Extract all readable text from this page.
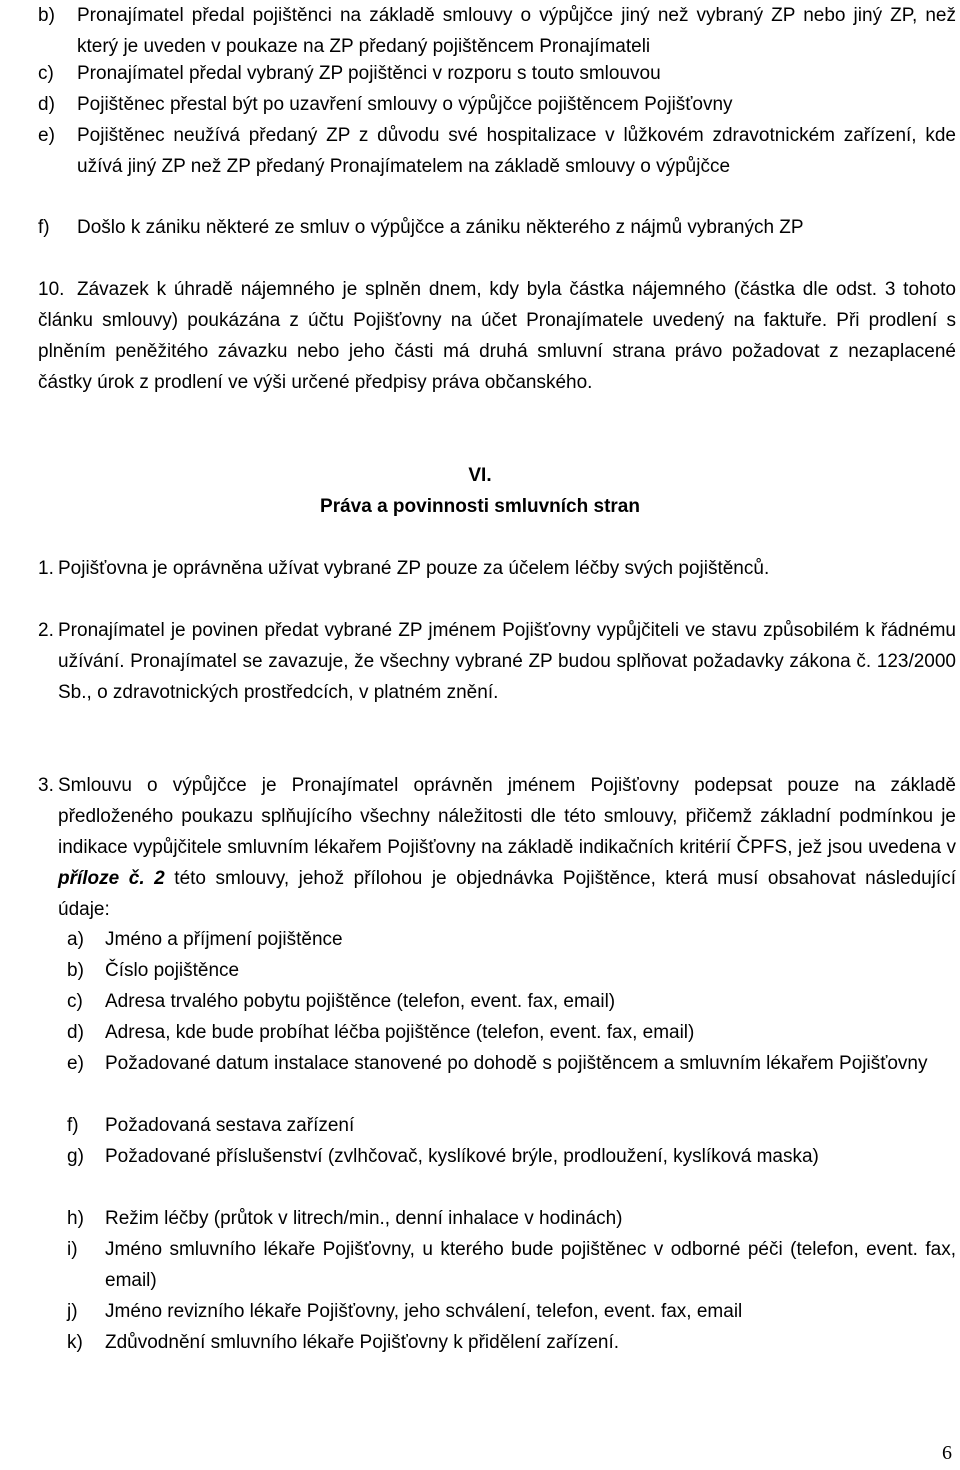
b) Pronajímatel předal pojištěnci na základě smlouvy o výpůjčce jiný než vybraný ZP nebo jiný ZP, než který je uveden v poukaze na ZP předaný pojištěncem Pronajímateli
c) Pronajímatel předal vybraný ZP pojištěnci v rozporu s touto smlouvou
d) Pojištěnec přestal být po uzavření smlouvy o výpůjčce pojištěncem Pojišťovny
e) Pojištěnec neužívá předaný ZP z důvodu své hospitalizace v lůžkovém zdravotnickém zařízení, kde užívá jiný ZP než ZP předaný Pronajímatelem na základě smlouvy o výpůjčce
f) Došlo k zániku některé ze smluv o výpůjčce a zániku některého z nájmů vybraných ZP
10. Závazek k úhradě nájemného je splněn dnem, kdy byla částka nájemného (částka dle odst. 3 tohoto článku smlouvy) poukázána z účtu Pojišťovny na účet Pronajímatele uvedený na faktuře. Při prodlení s plněním peněžitého závazku nebo jeho části má druhá smluvní strana právo požadovat z nezaplacené částky úrok z prodlení ve výši určené předpisy práva občanského.
VI.
Práva a povinnosti smluvních stran
1. Pojišťovna je oprávněna užívat vybrané ZP pouze za účelem léčby svých pojištěnců.
2. Pronajímatel je povinen předat vybrané ZP jménem Pojišťovny vypůjčiteli ve stavu způsobilém k řádnému užívání. Pronajímatel se zavazuje, že všechny vybrané ZP budou splňovat požadavky zákona č. 123/2000 Sb., o zdravotnických prostředcích, v platném znění.
3. Smlouvu o výpůjčce je Pronajímatel oprávněn jménem Pojišťovny podepsat pouze na základě předloženého poukazu splňujícího všechny náležitosti dle této smlouvy, přičemž základní podmínkou je indikace vypůjčitele smluvním lékařem Pojišťovny na základě indikačních kritérií ČPFS, jež jsou uvedena v příloze č. 2 této smlouvy, jehož přílohou je objednávka Pojištěnce, která musí obsahovat následující údaje:
a) Jméno a příjmení pojištěnce
b) Číslo pojištěnce
c) Adresa trvalého pobytu pojištěnce (telefon, event. fax, email)
d) Adresa, kde bude probíhat léčba pojištěnce (telefon, event. fax, email)
e) Požadované datum instalace stanovené po dohodě s pojištěncem a smluvním lékařem Pojišťovny
f) Požadovaná sestava zařízení
g) Požadované příslušenství (zvlhčovač, kyslíkové brýle, prodloužení, kyslíková maska)
h) Režim léčby (průtok v litrech/min., denní inhalace v hodinách)
i) Jméno smluvního lékaře Pojišťovny, u kterého bude pojištěnec v odborné péči (telefon, event. fax, email)
j) Jméno revizního lékaře Pojišťovny, jeho schválení, telefon, event. fax, email
k) Zdůvodnění smluvního lékaře Pojišťovny k přidělení zařízení.
6
